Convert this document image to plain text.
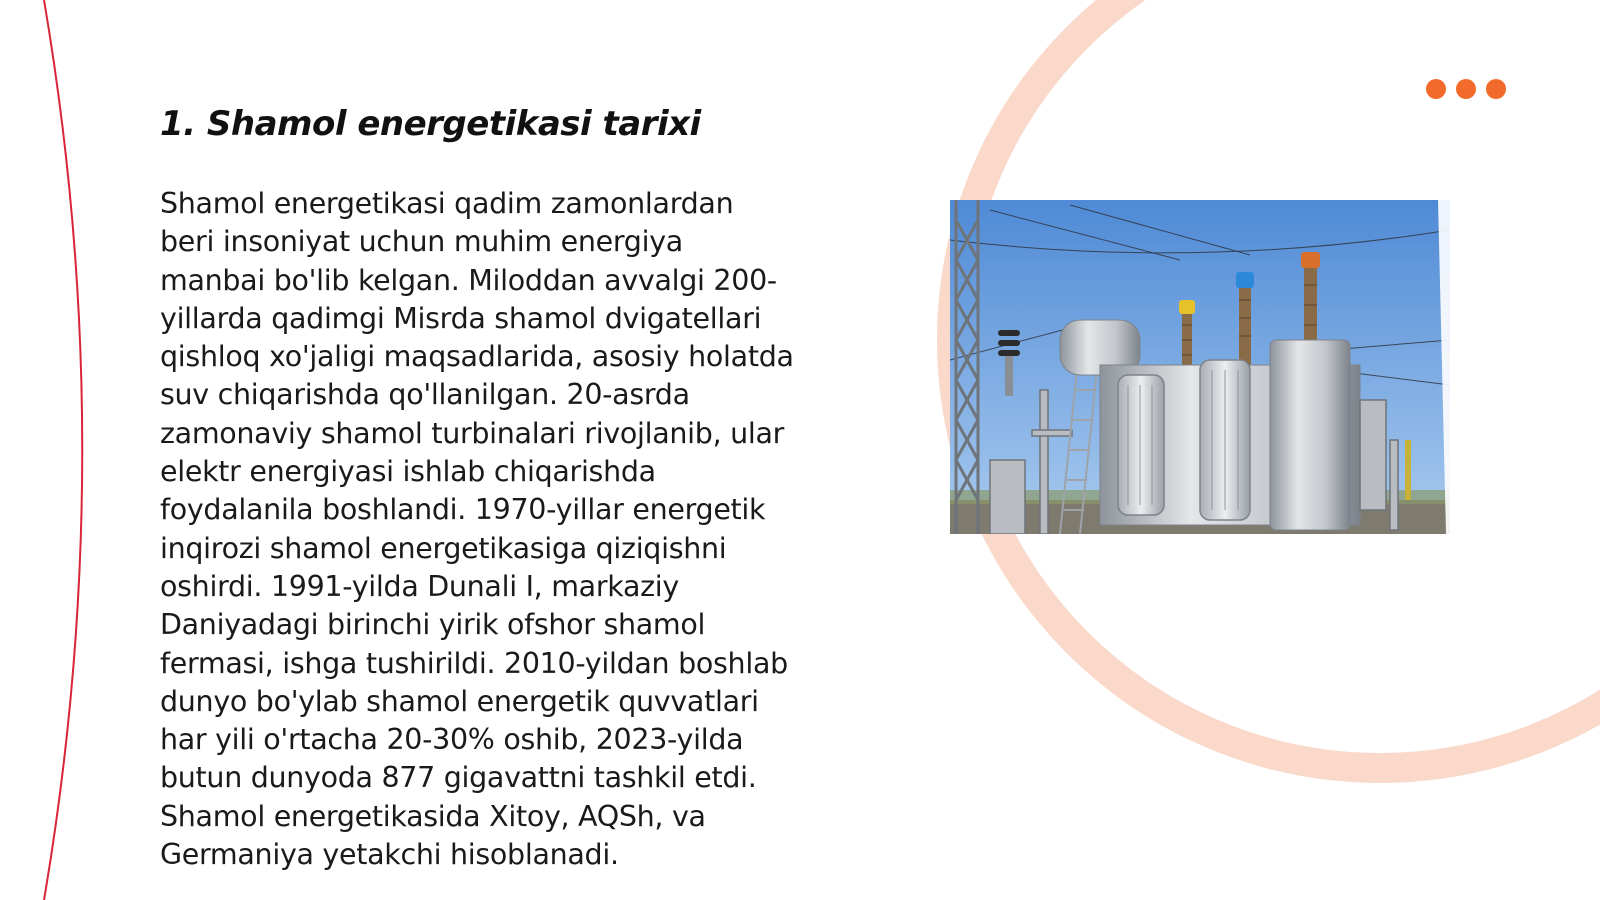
1. Shamol energetikasi tarixi

Shamol energetikasi qadim zamonlardan
beri insoniyat uchun muhim energiya
manbai bo'lib kelgan. Miloddan avvalgi 200-
yillarda qadimgi Misrda shamol dvigatellari
qishloq xo'jaligi maqsadlarida, asosiy holatda
suv chiqarishda qo'llanilgan. 20-asrda
zamonaviy shamol turbinalari rivojlanib, ular
elektr energiyasi ishlab chiqarishda
foydalanila boshlandi. 1970-yillar energetik
inqirozi shamol energetikasiga qiziqishni
oshirdi. 1991-yilda Dunali I, markaziy
Daniyadagi birinchi yirik ofshor shamol
fermasi, ishga tushirildi. 2010-yildan boshlab
dunyo bo'ylab shamol energetik quvvatlari
har yili o'rtacha 20-30% oshib, 2023-yilda
butun dunyoda 877 gigavattni tashkil etdi.
Shamol energetikasida Xitoy, AQSh, va
Germaniya yetakchi hisoblanadi.
